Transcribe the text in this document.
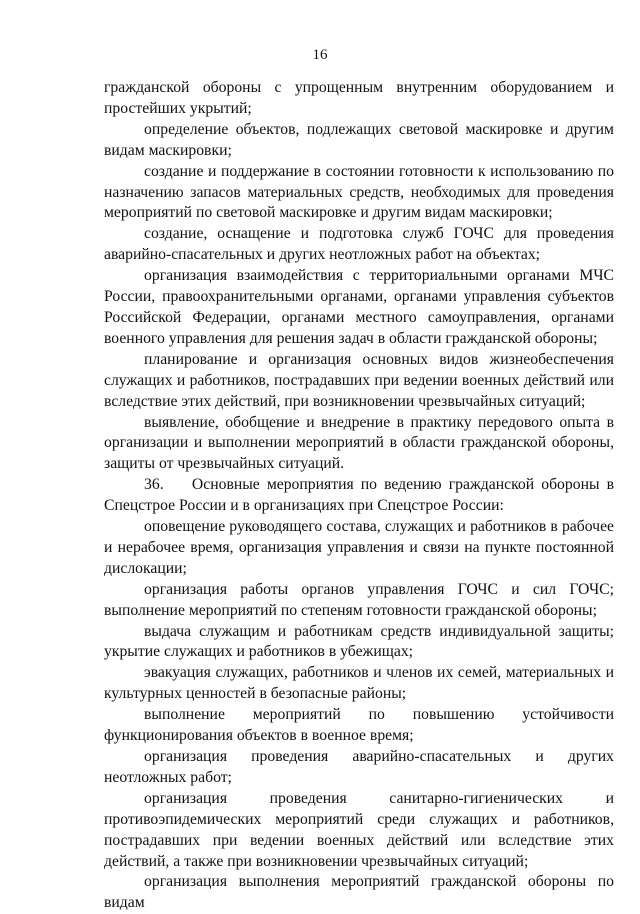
16

гражданской обороны с упрощенным внутренним оборудованием и простейших укрытий;

определение объектов, подлежащих световой маскировке и другим видам маскировки;

создание и поддержание в состоянии готовности к использованию по назначению запасов материальных средств, необходимых для проведения мероприятий по световой маскировке и другим видам маскировки;

создание, оснащение и подготовка служб ГОЧС для проведения аварийно-спасательных и других неотложных работ на объектах;

организация взаимодействия с территориальными органами МЧС России, правоохранительными органами, органами управления субъектов Российской Федерации, органами местного самоуправления, органами военного управления для решения задач в области гражданской обороны;

планирование и организация основных видов жизнеобеспечения служащих и работников, пострадавших при ведении военных действий или вследствие этих действий, при возникновении чрезвычайных ситуаций;

выявление, обобщение и внедрение в практику передового опыта в организации и выполнении мероприятий в области гражданской обороны, защиты от чрезвычайных ситуаций.

36.    Основные мероприятия по ведению гражданской обороны в Спецстрое России и в организациях при Спецстрое России:

оповещение руководящего состава, служащих и работников в рабочее и нерабочее время, организация управления и связи на пункте постоянной дислокации;

организация работы органов управления ГОЧС и сил ГОЧС; выполнение мероприятий по степеням готовности гражданской обороны;

выдача служащим и работникам средств индивидуальной защиты; укрытие служащих и работников в убежищах;

эвакуация служащих, работников и членов их семей, материальных и культурных ценностей в безопасные районы;

выполнение мероприятий по повышению устойчивости функционирования объектов в военное время;

организация проведения аварийно-спасательных и других неотложных работ;

организация проведения санитарно-гигиенических и противоэпидемических мероприятий среди служащих и работников, пострадавших при ведении военных действий или вследствие этих действий, а также при возникновении чрезвычайных ситуаций;

организация выполнения мероприятий гражданской обороны по видам
